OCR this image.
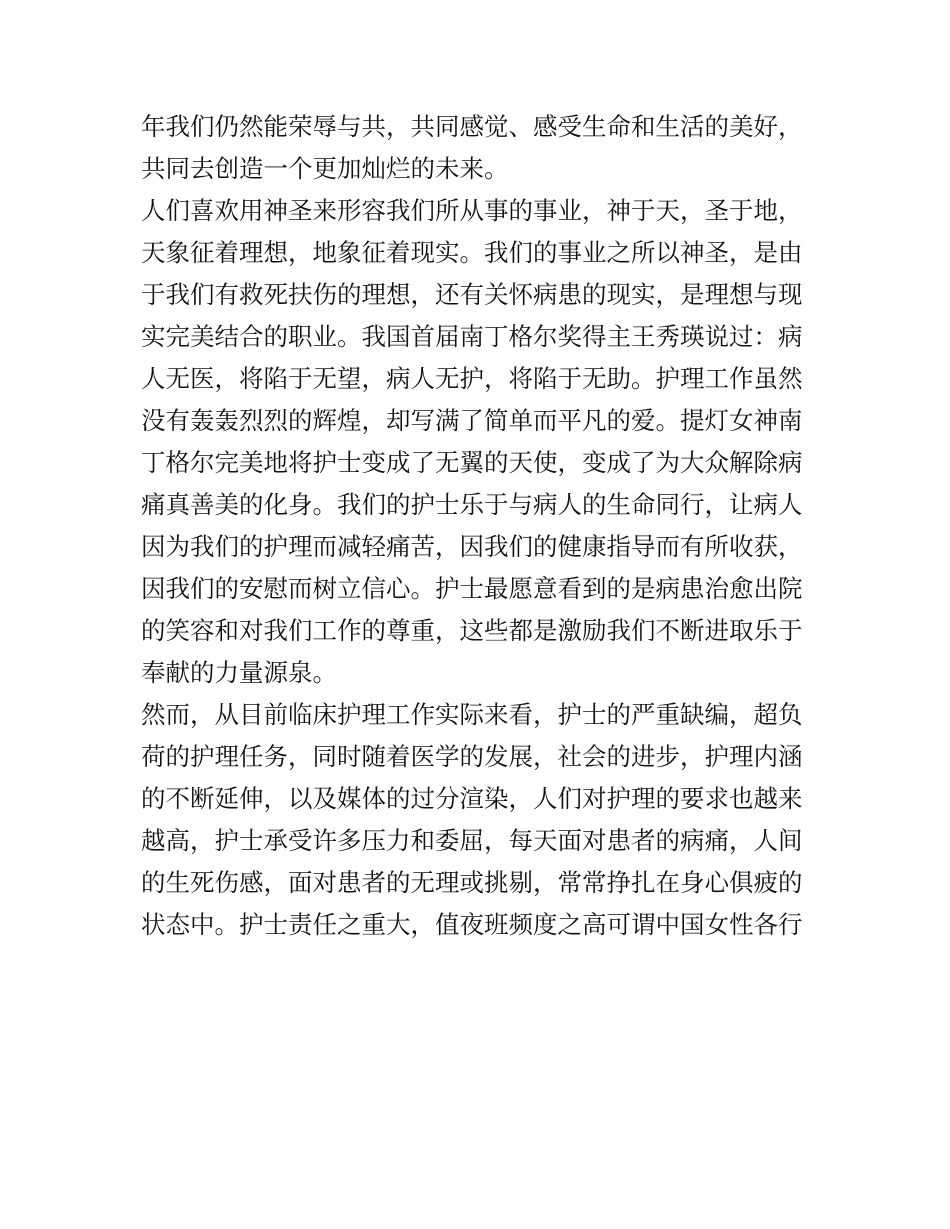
年我们仍然能荣辱与共，共同感觉、感受生命和生活的美好，
共同去创造一个更加灿烂的未来。
人们喜欢用神圣来形容我们所从事的事业，神于天，圣于地，
天象征着理想，地象征着现实。我们的事业之所以神圣，是由
于我们有救死扶伤的理想，还有关怀病患的现实，是理想与现
实完美结合的职业。我国首届南丁格尔奖得主王秀瑛说过：病
人无医，将陷于无望，病人无护，将陷于无助。护理工作虽然
没有轰轰烈烈的辉煌，却写满了简单而平凡的爱。提灯女神南
丁格尔完美地将护士变成了无翼的天使，变成了为大众解除病
痛真善美的化身。我们的护士乐于与病人的生命同行，让病人
因为我们的护理而减轻痛苦，因我们的健康指导而有所收获，
因我们的安慰而树立信心。护士最愿意看到的是病患治愈出院
的笑容和对我们工作的尊重，这些都是激励我们不断进取乐于
奉献的力量源泉。
然而，从目前临床护理工作实际来看，护士的严重缺编，超负
荷的护理任务，同时随着医学的发展，社会的进步，护理内涵
的不断延伸，以及媒体的过分渲染，人们对护理的要求也越来
越高，护士承受许多压力和委屈，每天面对患者的病痛，人间
的生死伤感，面对患者的无理或挑剔，常常挣扎在身心俱疲的
状态中。护士责任之重大，值夜班频度之高可谓中国女性各行
